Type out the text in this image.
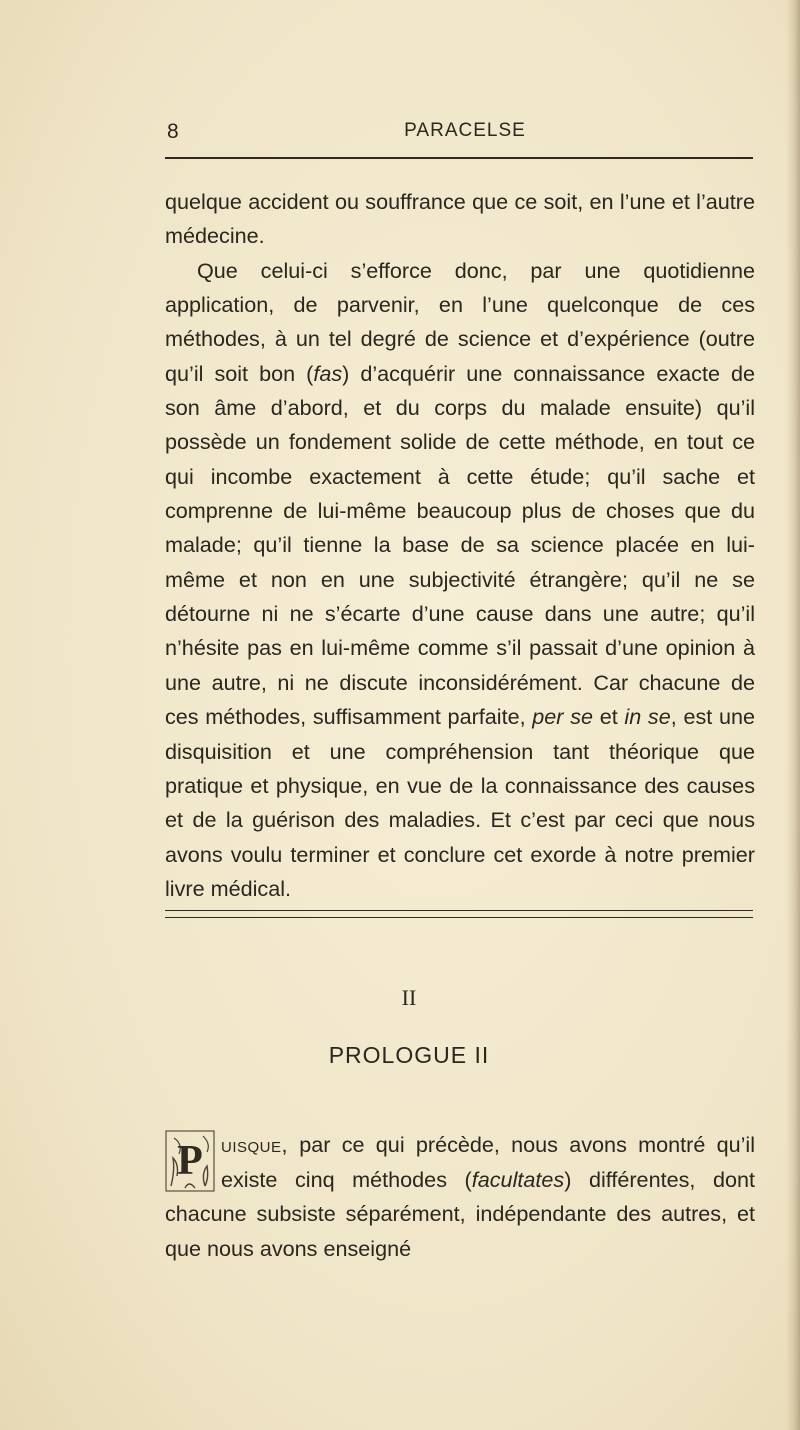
8	PARACELSE

quelque accident ou souffrance que ce soit, en l’une et l’autre médecine.

Que celui-ci s’efforce donc, par une quotidienne application, de parvenir, en l’une quelconque de ces méthodes, à un tel degré de science et d’expérience (outre qu’il soit bon (fas) d’acquérir une connaissance exacte de son âme d’abord, et du corps du malade ensuite) qu’il possède un fondement solide de cette méthode, en tout ce qui incombe exactement à cette étude; qu’il sache et comprenne de lui-même beaucoup plus de choses que du malade; qu’il tienne la base de sa science placée en lui-même et non en une subjectivité étrangère; qu’il ne se détourne ni ne s’écarte d’une cause dans une autre; qu’il n’hésite pas en lui-même comme s’il passait d’une opinion à une autre, ni ne discute inconsidérément. Car chacune de ces méthodes, suffisamment parfaite, per se et in se, est une disquisition et une compréhension tant théorique que pratique et physique, en vue de la connaissance des causes et de la guérison des maladies. Et c’est par ceci que nous avons voulu terminer et conclure cet exorde à notre premier livre médical.

II
PROLOGUE II
P uisque, par ce qui précède, nous avons montré qu’il existe cinq méthodes (facultates) différentes, dont chacune subsiste séparément, indépendante des autres, et que nous avons enseigné
